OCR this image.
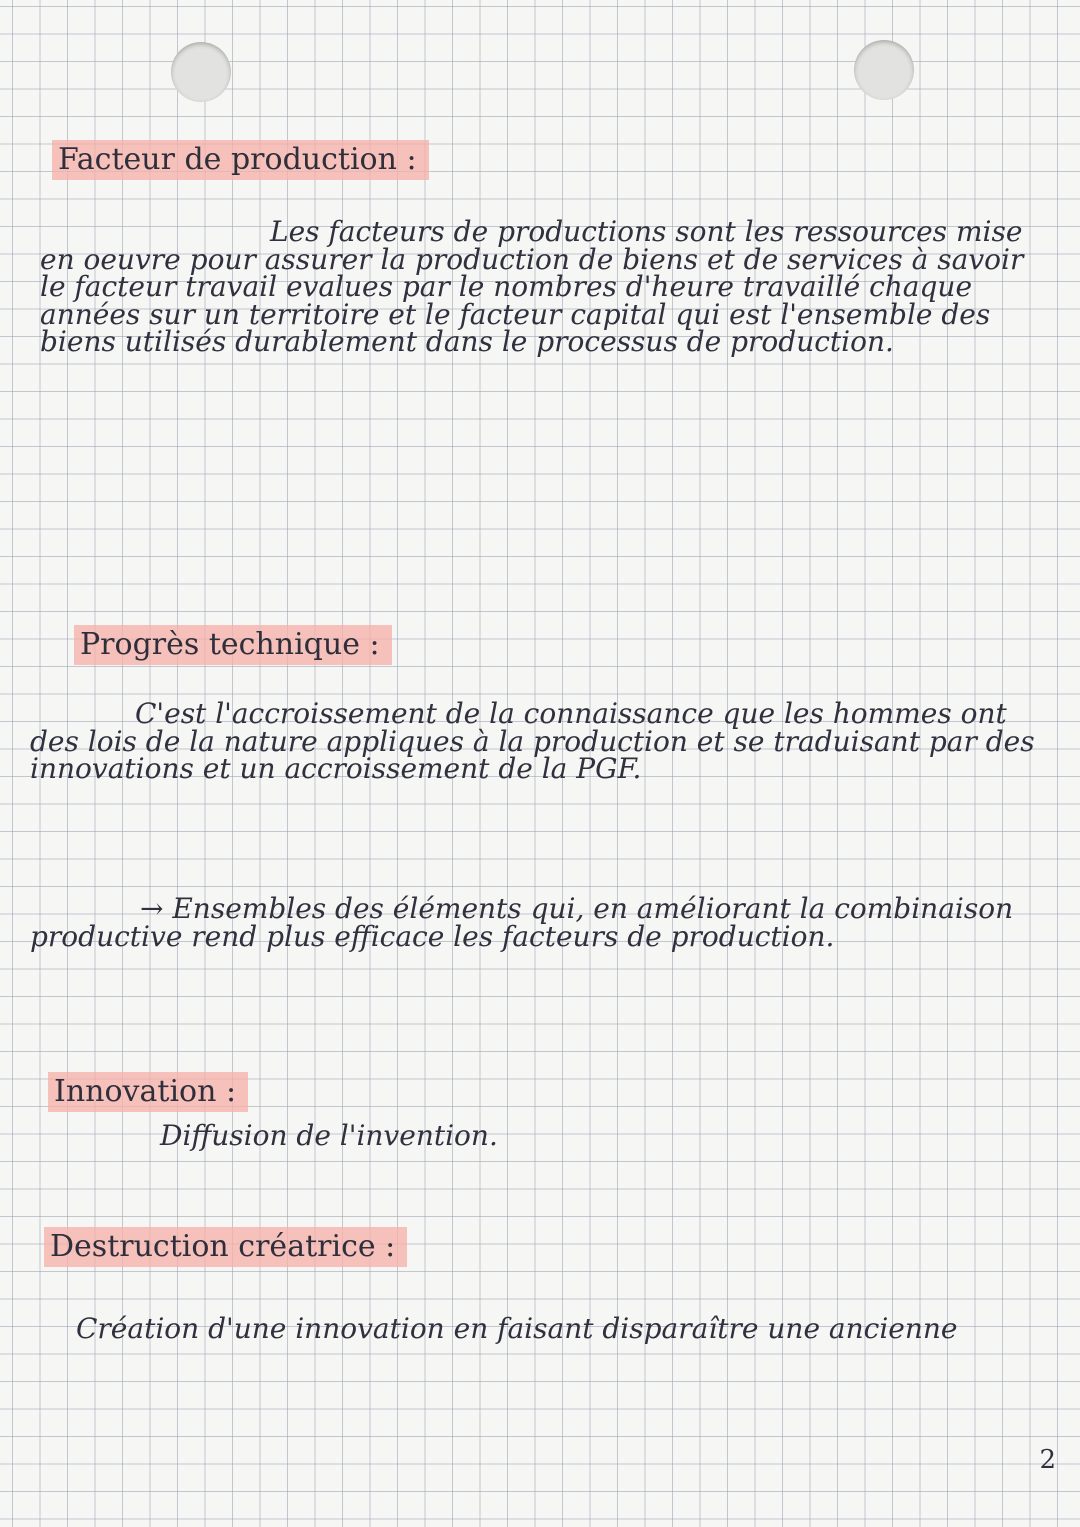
Facteur de production :

Les facteurs de productions sont les ressources mise en oeuvre pour assurer la production de biens et de services à savoir le facteur travail evalues par le nombres d'heure travaillé chaque années sur un territoire et le facteur capital qui est l'ensemble des biens utilisés durablement dans le processus de production.

Progrès technique :

C'est l'accroissement de la connaissance que les hommes ont des lois de la nature appliques à la production et se traduisant par des innovations et un accroissement de la PGF.

→ Ensembles des éléments qui, en améliorant la combinaison productive rend plus efficace les facteurs de production.

Innovation :

Diffusion de l'invention.

Destruction créatrice :

Création d'une innovation en faisant disparaître une ancienne

2
